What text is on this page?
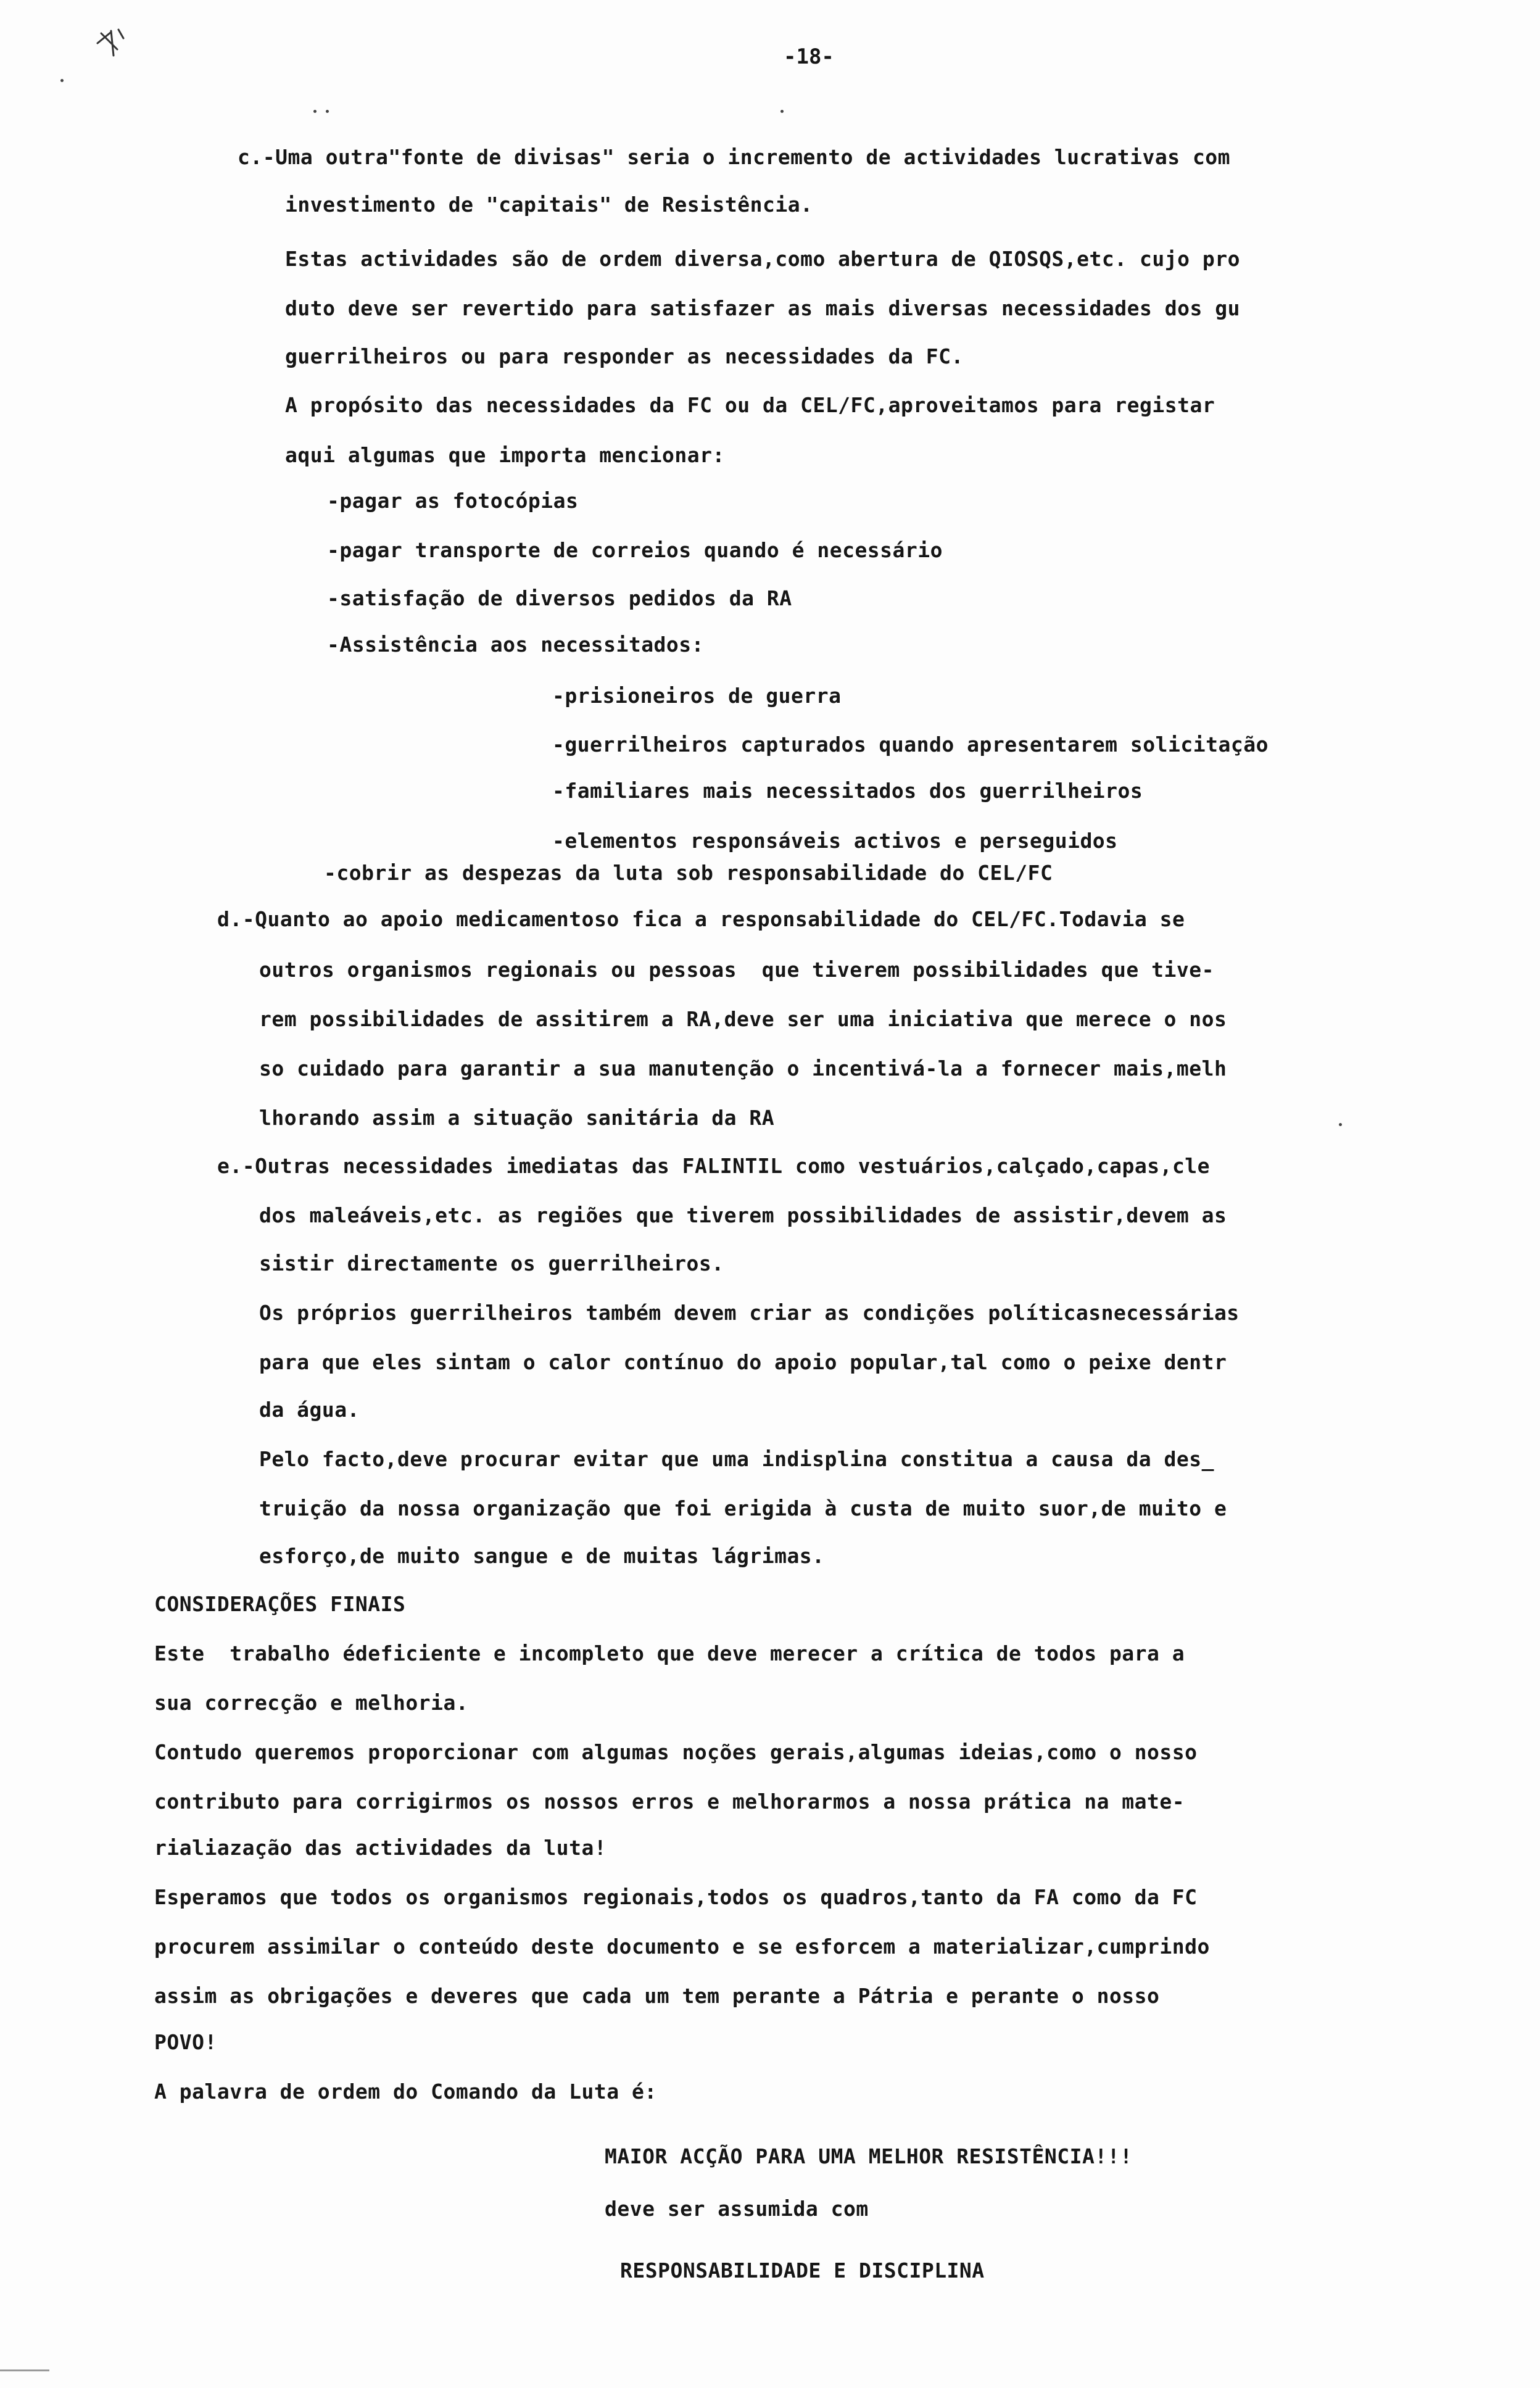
-18-
c.-Uma outra"fonte de divisas" seria o incremento de actividades lucrativas com
investimento de "capitais" de Resistência.
Estas actividades são de ordem diversa,como abertura de QIOSQS,etc. cujo pro
duto deve ser revertido para satisfazer as mais diversas necessidades dos gu
guerrilheiros ou para responder as necessidades da FC.
A propósito das necessidades da FC ou da CEL/FC,aproveitamos para registar
aqui algumas que importa mencionar:
-pagar as fotocópias
-pagar transporte de correios quando é necessário
-satisfação de diversos pedidos da RA
-Assistência aos necessitados:
-prisioneiros de guerra
-guerrilheiros capturados quando apresentarem solicitação
-familiares mais necessitados dos guerrilheiros
-elementos responsáveis activos e perseguidos
-cobrir as despezas da luta sob responsabilidade do CEL/FC
d.-Quanto ao apoio medicamentoso fica a responsabilidade do CEL/FC.Todavia se
outros organismos regionais ou pessoas  que tiverem possibilidades que tive-
rem possibilidades de assitirem a RA,deve ser uma iniciativa que merece o nos
so cuidado para garantir a sua manutenção o incentivá-la a fornecer mais,melh
lhorando assim a situação sanitária da RA
e.-Outras necessidades imediatas das FALINTIL como vestuários,calçado,capas,cle
dos maleáveis,etc. as regiões que tiverem possibilidades de assistir,devem as
sistir directamente os guerrilheiros.
Os próprios guerrilheiros também devem criar as condições políticasnecessárias
para que eles sintam o calor contínuo do apoio popular,tal como o peixe dentr
da água.
Pelo facto,deve procurar evitar que uma indisplina constitua a causa da des_
truição da nossa organização que foi erigida à custa de muito suor,de muito e
esforço,de muito sangue e de muitas lágrimas.
CONSIDERAÇÕES FINAIS
Este  trabalho édeficiente e incompleto que deve merecer a crítica de todos para a
sua correcção e melhoria.
Contudo queremos proporcionar com algumas noções gerais,algumas ideias,como o nosso
contributo para corrigirmos os nossos erros e melhorarmos a nossa prática na mate-
rialiazação das actividades da luta!
Esperamos que todos os organismos regionais,todos os quadros,tanto da FA como da FC
procurem assimilar o conteúdo deste documento e se esforcem a materializar,cumprindo
assim as obrigações e deveres que cada um tem perante a Pátria e perante o nosso
POVO!
A palavra de ordem do Comando da Luta é:
MAIOR ACÇÃO PARA UMA MELHOR RESISTÊNCIA!!!
deve ser assumida com
RESPONSABILIDADE E DISCIPLINA
